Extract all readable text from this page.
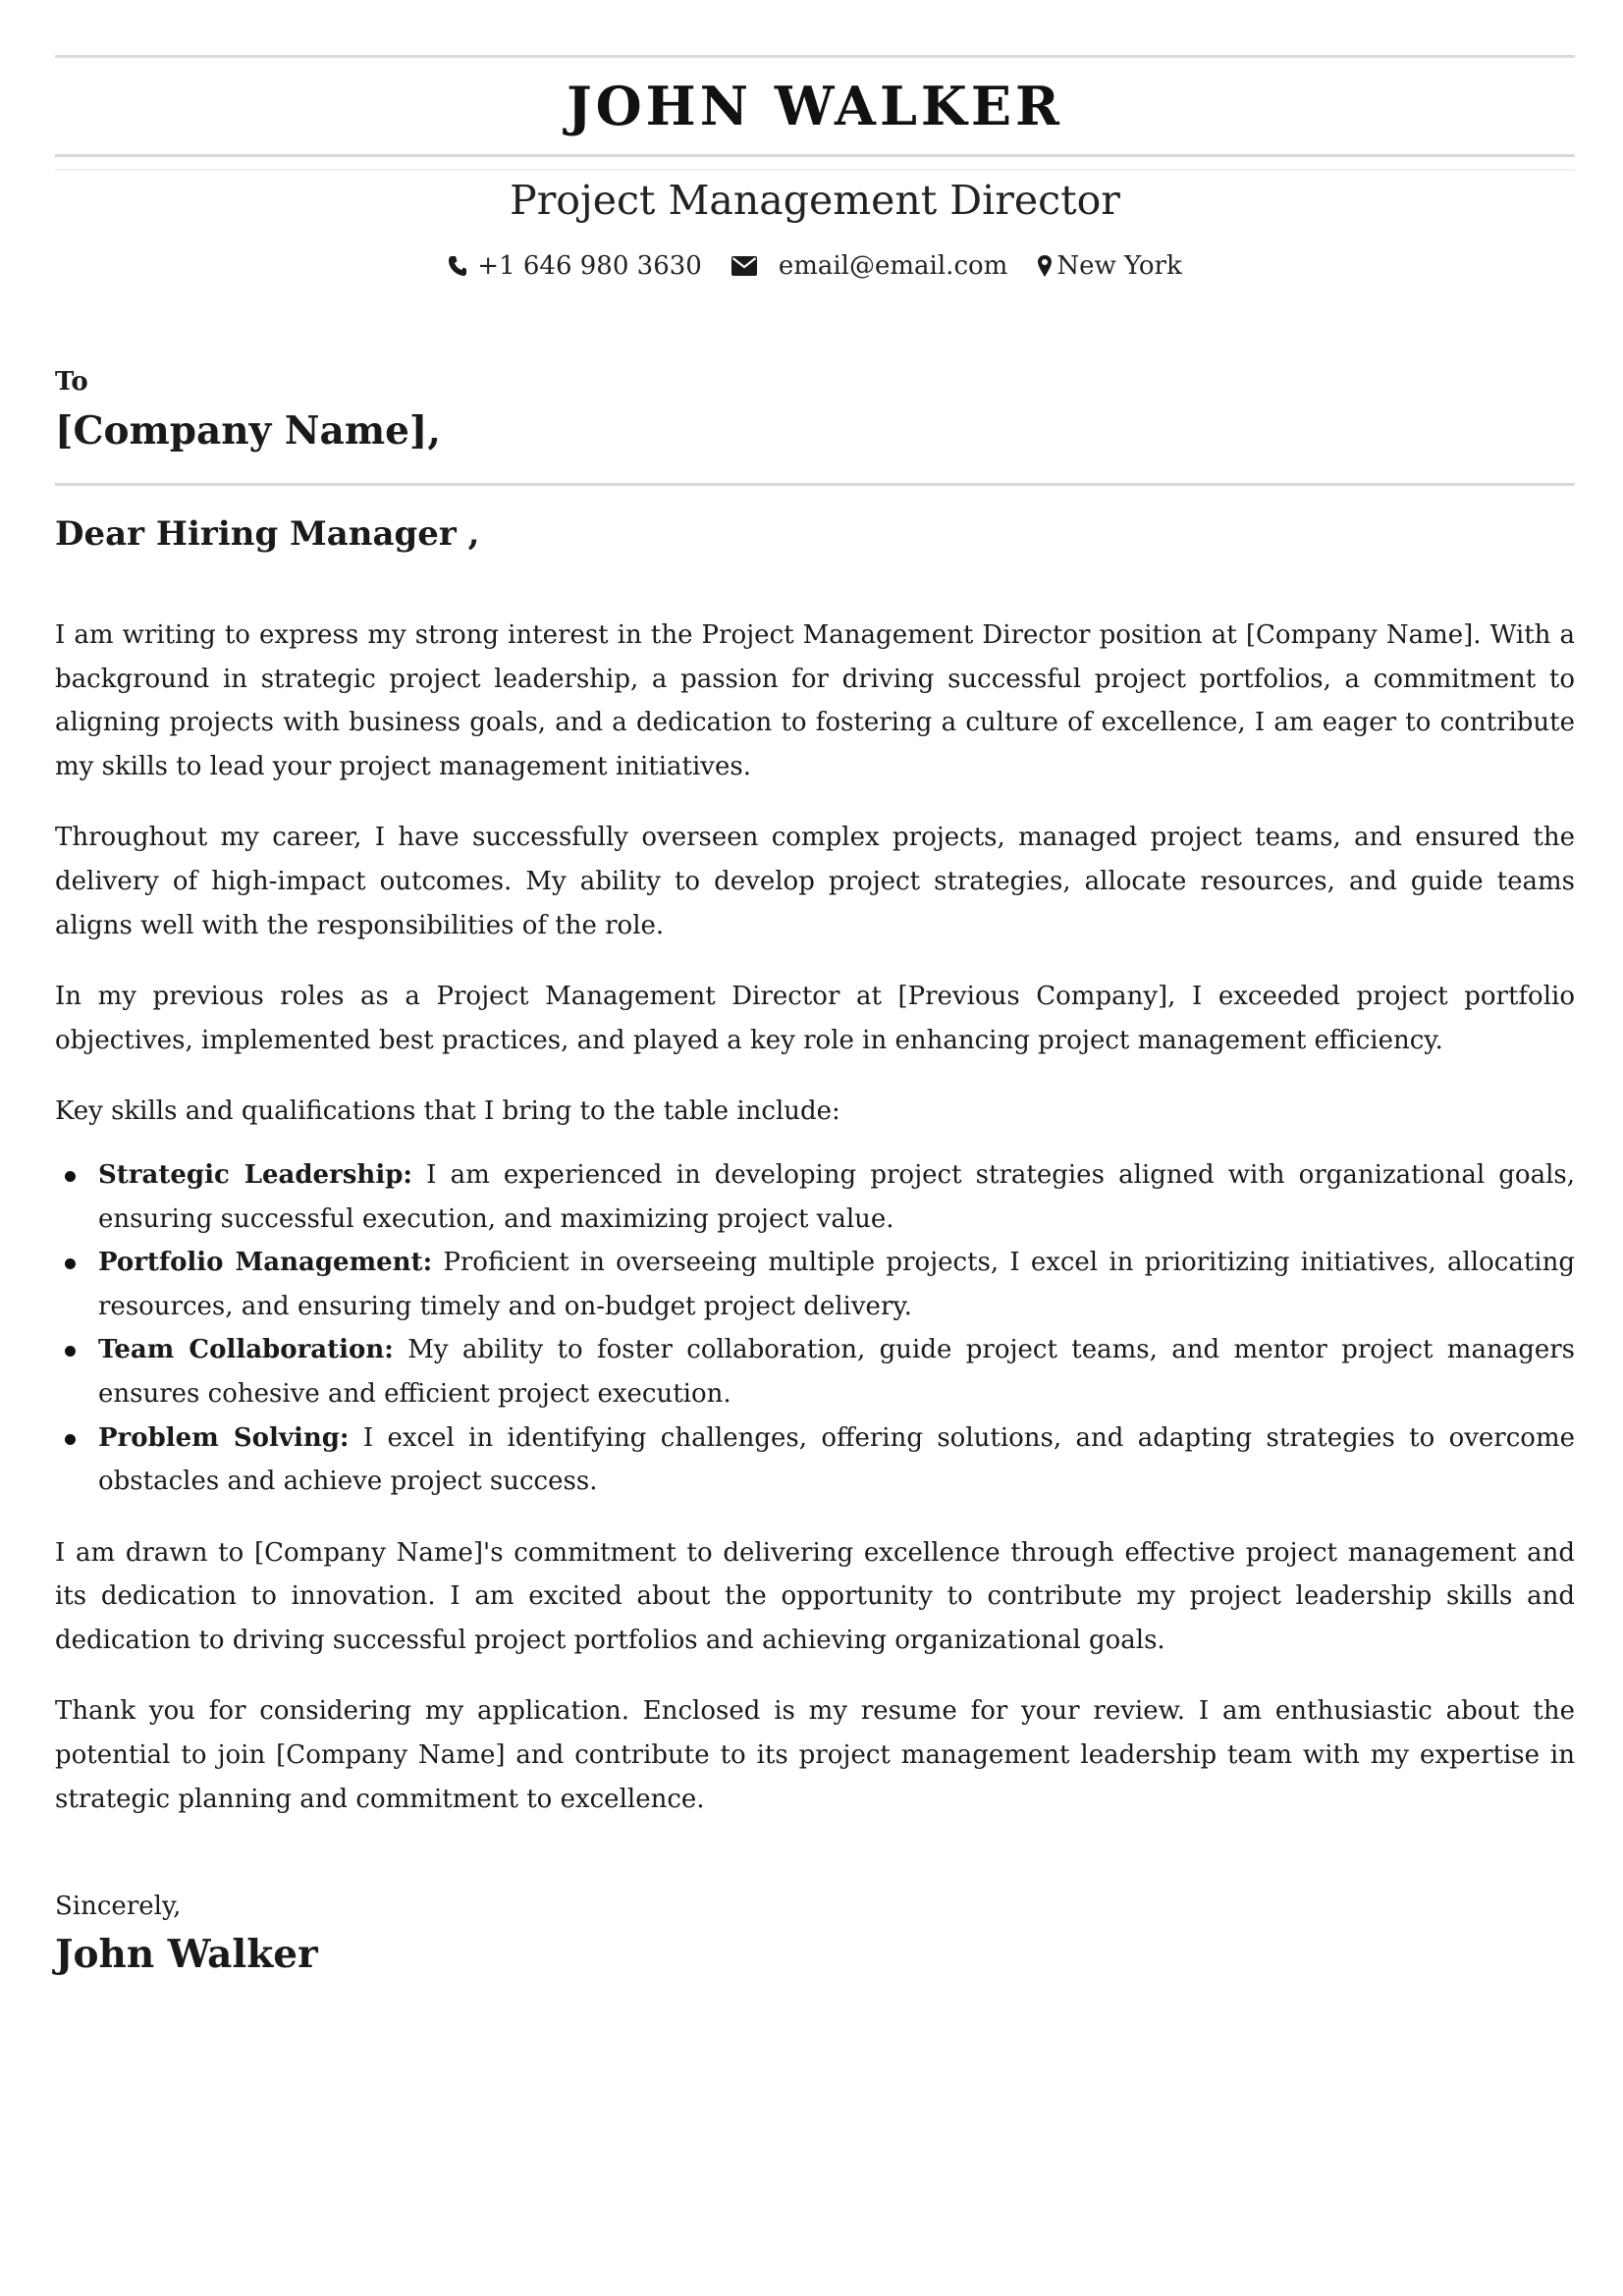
JOHN WALKER
Project Management Director
+1 646 980 3630	email@email.com New York
To
[Company Name],
Dear Hiring Manager ,

I am writing to express my strong interest in the Project Management Director position at [Company Name]. With a background in strategic project leadership, a passion for driving successful project portfolios, a commitment to aligning projects with business goals, and a dedication to fostering a culture of excellence, I am eager to contribute my skills to lead your project management initiatives.

Throughout my career, I have successfully overseen complex projects, managed project teams, and ensured the delivery of high-impact outcomes. My ability to develop project strategies, allocate resources, and guide teams aligns well with the responsibilities of the role.

In my previous roles as a Project Management Director at [Previous Company], I exceeded project portfolio objectives, implemented best practices, and played a key role in enhancing project management efficiency.

Key skills and qualifications that I bring to the table include:

Strategic Leadership: I am experienced in developing project strategies aligned with organizational goals, ensuring successful execution, and maximizing project value.
Portfolio Management: Proficient in overseeing multiple projects, I excel in prioritizing initiatives, allocating resources, and ensuring timely and on-budget project delivery.
Team Collaboration: My ability to foster collaboration, guide project teams, and mentor project managers ensures cohesive and efficient project execution.
Problem Solving: I excel in identifying challenges, offering solutions, and adapting strategies to overcome obstacles and achieve project success.

I am drawn to [Company Name]'s commitment to delivering excellence through effective project management and its dedication to innovation. I am excited about the opportunity to contribute my project leadership skills and dedication to driving successful project portfolios and achieving organizational goals.

Thank you for considering my application. Enclosed is my resume for your review. I am enthusiastic about the potential to join [Company Name] and contribute to its project management leadership team with my expertise in strategic planning and commitment to excellence.

Sincerely,
John Walker
